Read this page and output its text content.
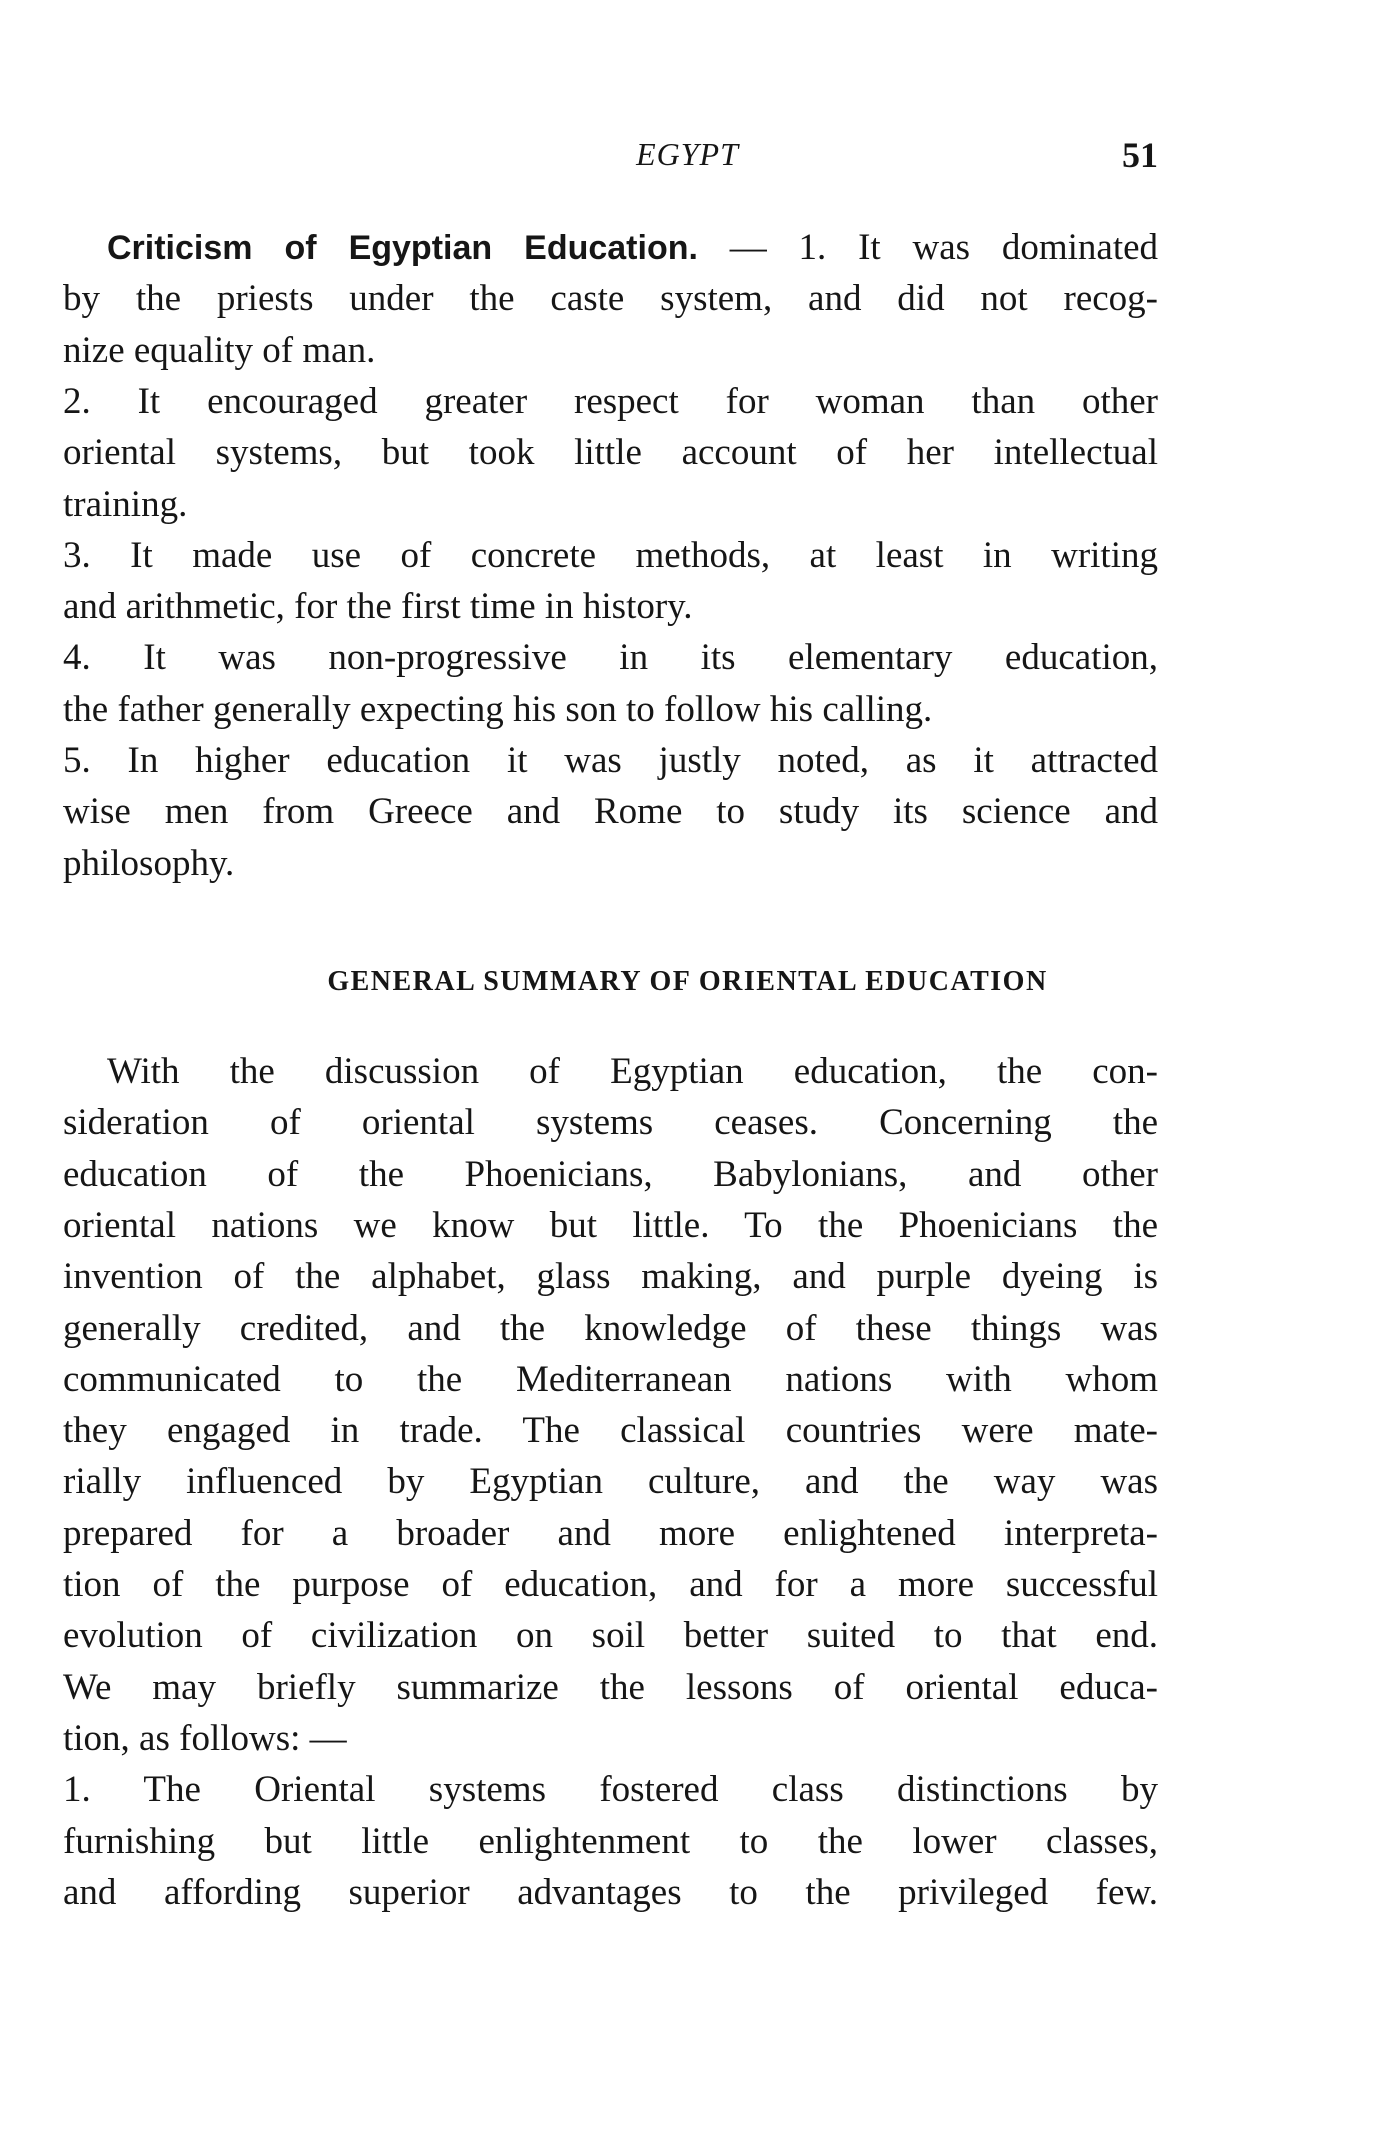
EGYPT	51
Criticism of Egyptian Education. — 1. It was dominated
by the priests under the caste system, and did not recog-
nize equality of man.
2. It encouraged greater respect for woman than other
oriental systems, but took little account of her intellectual
training.
3. It made use of concrete methods, at least in writing
and arithmetic, for the first time in history.
4. It was non-progressive in its elementary education,
the father generally expecting his son to follow his calling.
5. In higher education it was justly noted, as it attracted
wise men from Greece and Rome to study its science and
philosophy.
GENERAL SUMMARY OF ORIENTAL EDUCATION
With the discussion of Egyptian education, the con-
sideration of oriental systems ceases. Concerning the
education of the Phoenicians, Babylonians, and other
oriental nations we know but little. To the Phoenicians the
invention of the alphabet, glass making, and purple dyeing is
generally credited, and the knowledge of these things was
communicated to the Mediterranean nations with whom
they engaged in trade. The classical countries were mate-
rially influenced by Egyptian culture, and the way was
prepared for a broader and more enlightened interpreta-
tion of the purpose of education, and for a more successful
evolution of civilization on soil better suited to that end.
We may briefly summarize the lessons of oriental educa-
tion, as follows: —
1. The Oriental systems fostered class distinctions by
furnishing but little enlightenment to the lower classes,
and affording superior advantages to the privileged few.
